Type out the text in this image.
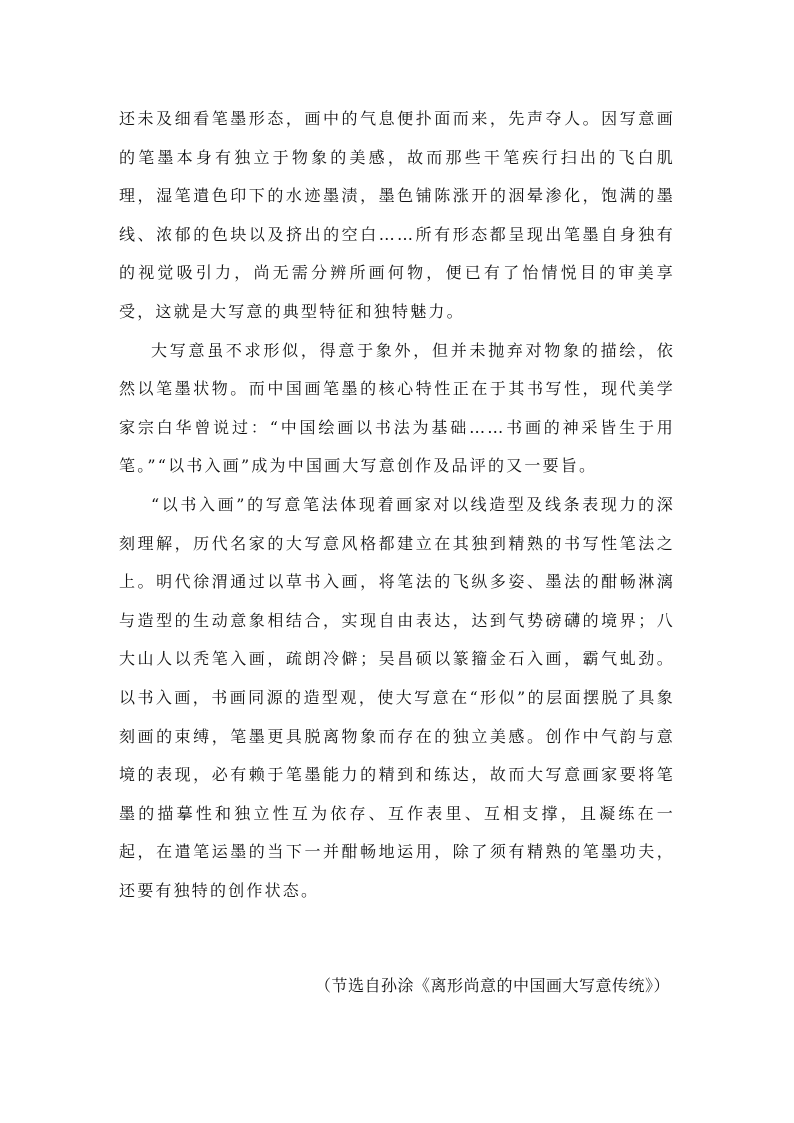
还未及细看笔墨形态，画中的气息便扑面而来，先声夺人。因写意画的笔墨本身有独立于物象的美感，故而那些干笔疾行扫出的飞白肌理，湿笔遣色印下的水迹墨渍，墨色铺陈涨开的洇晕渗化，饱满的墨线、浓郁的色块以及挤出的空白……所有形态都呈现出笔墨自身独有的视觉吸引力，尚无需分辨所画何物，便已有了怡情悦目的审美享受，这就是大写意的典型特征和独特魅力。

大写意虽不求形似，得意于象外，但并未抛弃对物象的描绘，依然以笔墨状物。而中国画笔墨的核心特性正在于其书写性，现代美学家宗白华曾说过：“中国绘画以书法为基础……书画的神采皆生于用笔。”“以书入画”成为中国画大写意创作及品评的又一要旨。

“以书入画”的写意笔法体现着画家对以线造型及线条表现力的深刻理解，历代名家的大写意风格都建立在其独到精熟的书写性笔法之上。明代徐渭通过以草书入画，将笔法的飞纵多姿、墨法的酣畅淋漓与造型的生动意象相结合，实现自由表达，达到气势磅礴的境界；八大山人以秃笔入画，疏朗冷僻；吴昌硕以篆籀金石入画，霸气虬劲。以书入画，书画同源的造型观，使大写意在“形似”的层面摆脱了具象刻画的束缚，笔墨更具脱离物象而存在的独立美感。创作中气韵与意境的表现，必有赖于笔墨能力的精到和练达，故而大写意画家要将笔墨的描摹性和独立性互为依存、互作表里、互相支撑，且凝练在一起，在遣笔运墨的当下一并酣畅地运用，除了须有精熟的笔墨功夫，还要有独特的创作状态。

（节选自孙涂《离形尚意的中国画大写意传统》）
